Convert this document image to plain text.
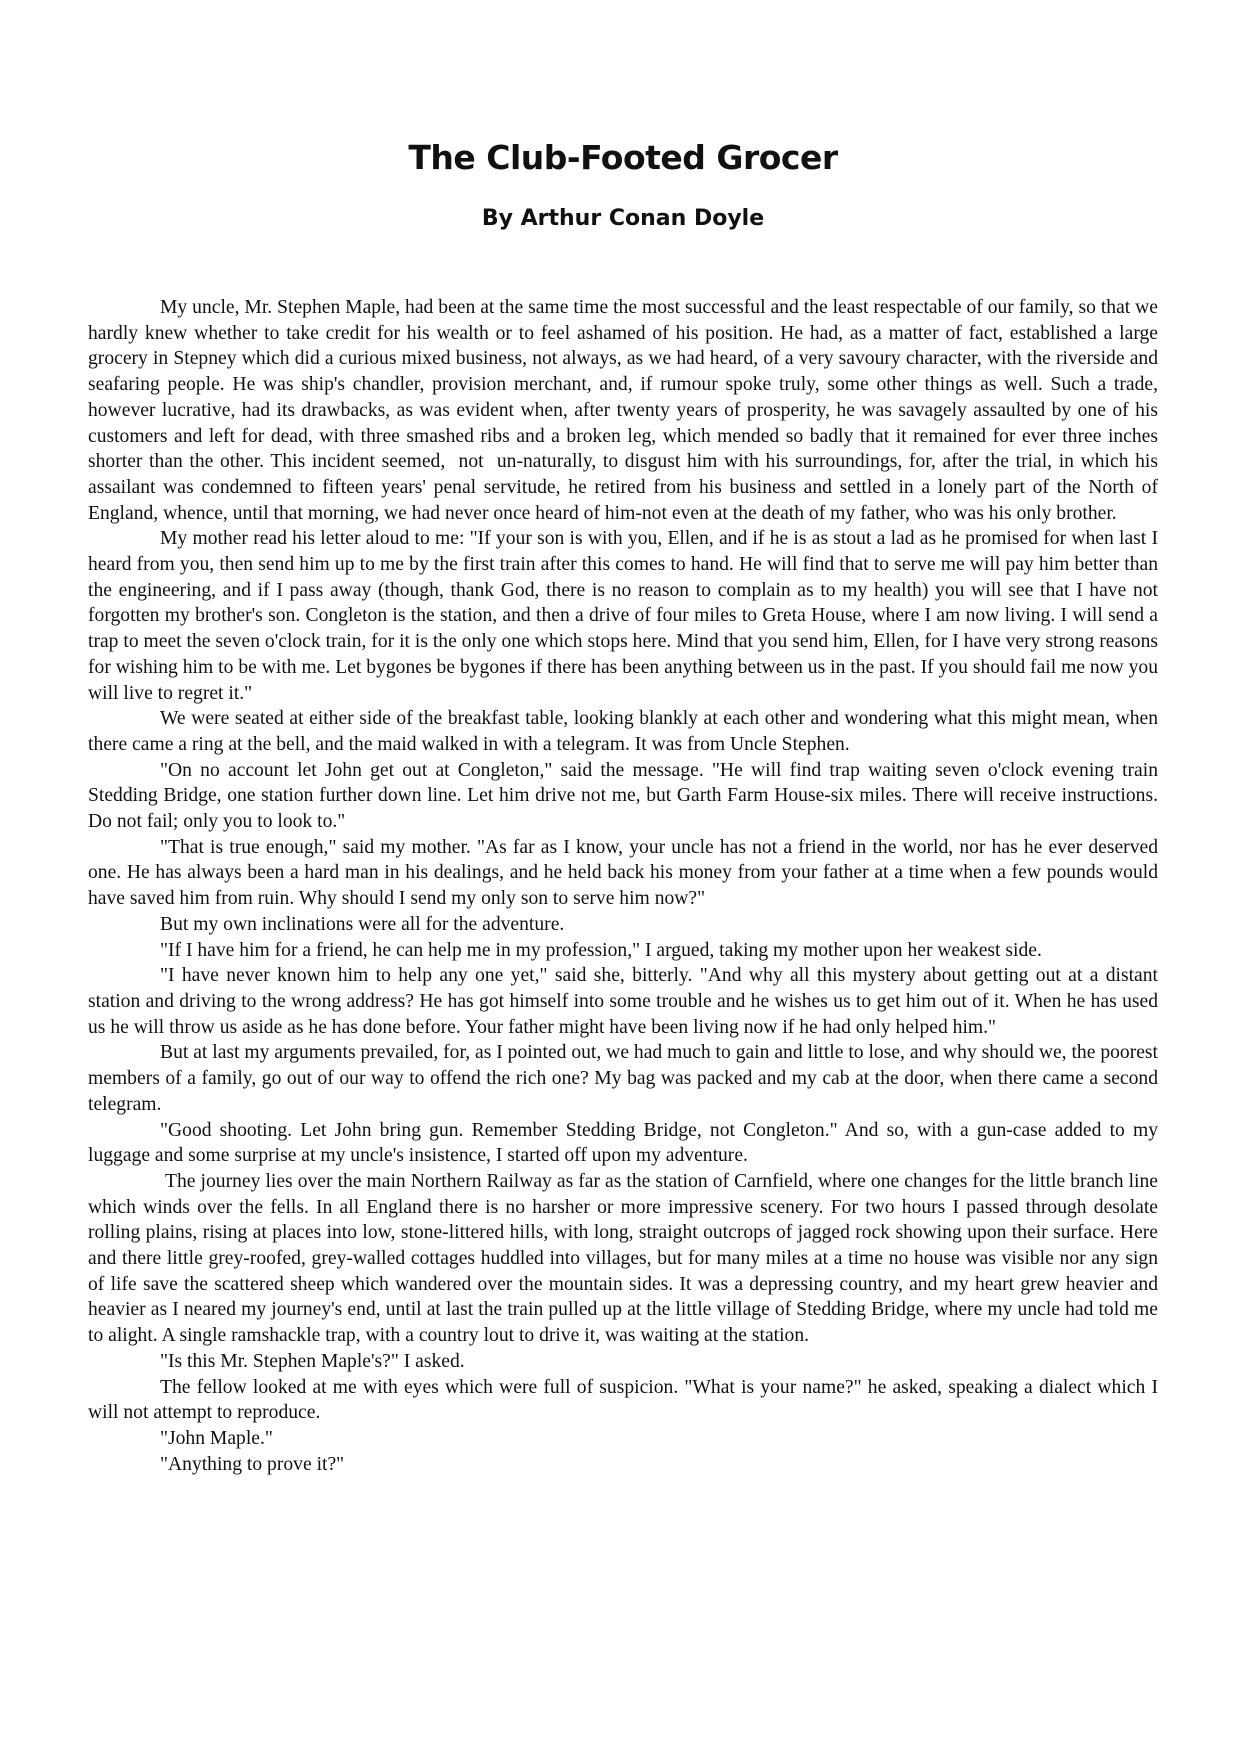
The Club-Footed Grocer
By Arthur Conan Doyle

My uncle, Mr. Stephen Maple, had been at the same time the most successful and the least respectable of our family, so that we hardly knew whether to take credit for his wealth or to feel ashamed of his position. He had, as a matter of fact, established a large grocery in Stepney which did a curious mixed business, not always, as we had heard, of a very savoury character, with the riverside and seafaring people. He was ship's chandler, provision merchant, and, if rumour spoke truly, some other things as well. Such a trade, however lucrative, had its drawbacks, as was evident when, after twenty years of prosperity, he was savagely assaulted by one of his customers and left for dead, with three smashed ribs and a broken leg, which mended so badly that it remained for ever three inches shorter than the other. This incident seemed,  not  un-naturally, to disgust him with his surroundings, for, after the trial, in which his assailant was condemned to fifteen years' penal servitude, he retired from his business and settled in a lonely part of the North of England, whence, until that morning, we had never once heard of him-not even at the death of my father, who was his only brother.

My mother read his letter aloud to me: "If your son is with you, Ellen, and if he is as stout a lad as he promised for when last I heard from you, then send him up to me by the first train after this comes to hand. He will find that to serve me will pay him better than the engineering, and if I pass away (though, thank God, there is no reason to complain as to my health) you will see that I have not forgotten my brother's son. Congleton is the station, and then a drive of four miles to Greta House, where I am now living. I will send a trap to meet the seven o'clock train, for it is the only one which stops here. Mind that you send him, Ellen, for I have very strong reasons for wishing him to be with me. Let bygones be bygones if there has been anything between us in the past. If you should fail me now you will live to regret it."

We were seated at either side of the breakfast table, looking blankly at each other and wondering what this might mean, when there came a ring at the bell, and the maid walked in with a telegram. It was from Uncle Stephen.

"On no account let John get out at Congleton," said the message. "He will find trap waiting seven o'clock evening train Stedding Bridge, one station further down line. Let him drive not me, but Garth Farm House-six miles. There will receive instructions. Do not fail; only you to look to."

"That is true enough," said my mother. "As far as I know, your uncle has not a friend in the world, nor has he ever deserved one. He has always been a hard man in his dealings, and he held back his money from your father at a time when a few pounds would have saved him from ruin. Why should I send my only son to serve him now?"

But my own inclinations were all for the adventure.

"If I have him for a friend, he can help me in my profession," I argued, taking my mother upon her weakest side.

"I have never known him to help any one yet," said she, bitterly. "And why all this mystery about getting out at a distant station and driving to the wrong address? He has got himself into some trouble and he wishes us to get him out of it. When he has used us he will throw us aside as he has done before. Your father might have been living now if he had only helped him."

But at last my arguments prevailed, for, as I pointed out, we had much to gain and little to lose, and why should we, the poorest members of a family, go out of our way to offend the rich one? My bag was packed and my cab at the door, when there came a second telegram.

"Good shooting. Let John bring gun. Remember Stedding Bridge, not Congleton." And so, with a gun-case added to my luggage and some surprise at my uncle's insistence, I started off upon my adventure.

The journey lies over the main Northern Railway as far as the station of Carnfield, where one changes for the little branch line which winds over the fells. In all England there is no harsher or more impressive scenery. For two hours I passed through desolate rolling plains, rising at places into low, stone-littered hills, with long, straight outcrops of jagged rock showing upon their surface. Here and there little grey-roofed, grey-walled cottages huddled into villages, but for many miles at a time no house was visible nor any sign of life save the scattered sheep which wandered over the mountain sides. It was a depressing country, and my heart grew heavier and heavier as I neared my journey's end, until at last the train pulled up at the little village of Stedding Bridge, where my uncle had told me to alight. A single ramshackle trap, with a country lout to drive it, was waiting at the station.

"Is this Mr. Stephen Maple's?" I asked.

The fellow looked at me with eyes which were full of suspicion. "What is your name?" he asked, speaking a dialect which I will not attempt to reproduce.

"John Maple."

"Anything to prove it?"
